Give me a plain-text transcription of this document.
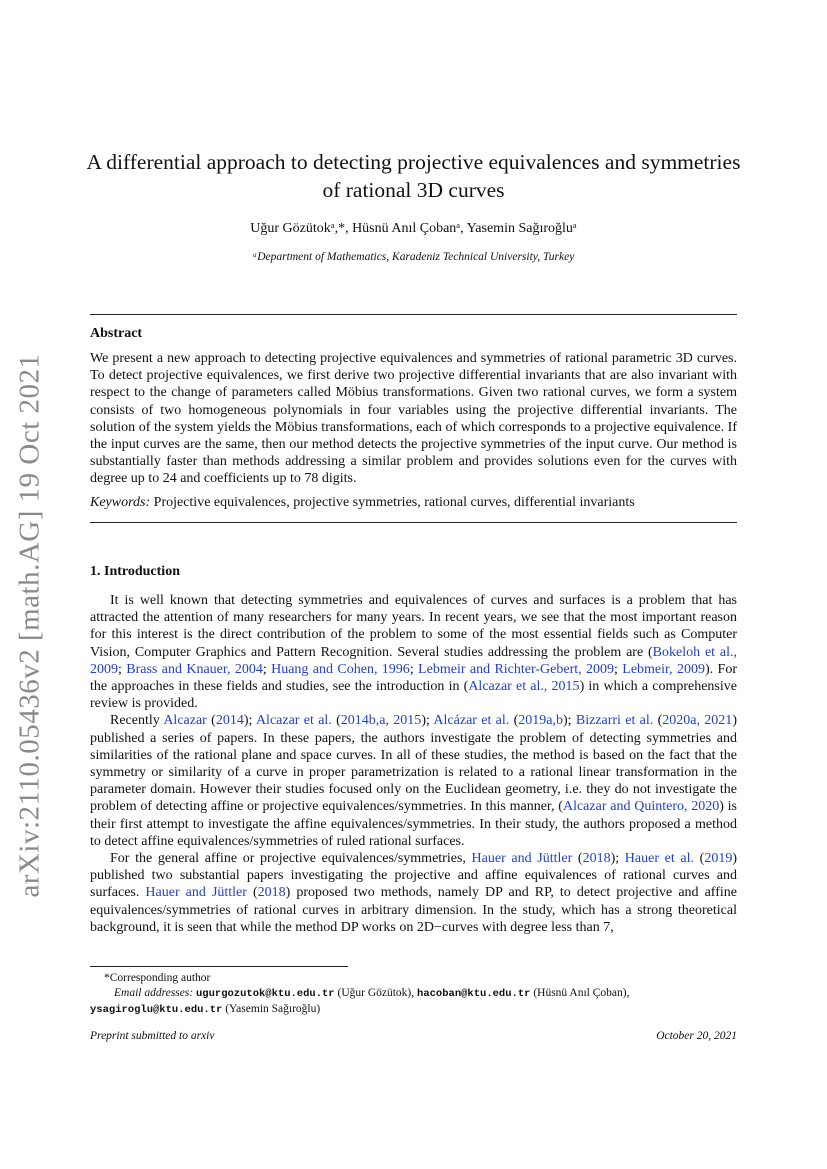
arXiv:2110.05436v2 [math.AG] 19 Oct 2021
A differential approach to detecting projective equivalences and symmetries
of rational 3D curves
Uğur Gözütokᵃ,*, Hüsnü Anıl Çobanᵃ, Yasemin Sağıroğluᵃ
ᵃDepartment of Mathematics, Karadeniz Technical University, Turkey
Abstract
We present a new approach to detecting projective equivalences and symmetries of rational parametric 3D curves. To detect projective equivalences, we first derive two projective differential invariants that are also invariant with respect to the change of parameters called Möbius transformations. Given two rational curves, we form a system consists of two homogeneous polynomials in four variables using the projective differential invariants. The solution of the system yields the Möbius transformations, each of which corresponds to a projective equivalence. If the input curves are the same, then our method detects the projective symmetries of the input curve. Our method is substantially faster than methods addressing a similar problem and provides solutions even for the curves with degree up to 24 and coefficients up to 78 digits.
Keywords: Projective equivalences, projective symmetries, rational curves, differential invariants
1. Introduction

It is well known that detecting symmetries and equivalences of curves and surfaces is a problem that has attracted the attention of many researchers for many years. In recent years, we see that the most important reason for this interest is the direct contribution of the problem to some of the most essential fields such as Computer Vision, Computer Graphics and Pattern Recognition. Several studies addressing the problem are (Bokeloh et al., 2009; Brass and Knauer, 2004; Huang and Cohen, 1996; Lebmeir and Richter-Gebert, 2009; Lebmeir, 2009). For the approaches in these fields and studies, see the introduction in (Alcazar et al., 2015) in which a comprehensive review is provided.

Recently Alcazar (2014); Alcazar et al. (2014b,a, 2015); Alcázar et al. (2019a,b); Bizzarri et al. (2020a, 2021) published a series of papers. In these papers, the authors investigate the problem of detecting symmetries and similarities of the rational plane and space curves. In all of these studies, the method is based on the fact that the symmetry or similarity of a curve in proper parametrization is related to a rational linear transformation in the parameter domain. However their studies focused only on the Euclidean geometry, i.e. they do not investigate the problem of detecting affine or projective equivalences/symmetries. In this manner, (Alcazar and Quintero, 2020) is their first attempt to investigate the affine equivalences/symmetries. In their study, the authors proposed a method to detect affine equivalences/symmetries of ruled rational surfaces.

For the general affine or projective equivalences/symmetries, Hauer and Jüttler (2018); Hauer et al. (2019) published two substantial papers investigating the projective and affine equivalences of rational curves and surfaces. Hauer and Jüttler (2018) proposed two methods, namely DP and RP, to detect projective and affine equivalences/symmetries of rational curves in arbitrary dimension. In the study, which has a strong theoretical background, it is seen that while the method DP works on 2D−curves with degree less than 7,

*Corresponding author
Email addresses: ugurgozutok@ktu.edu.tr (Uğur Gözütok), hacoban@ktu.edu.tr (Hüsnü Anıl Çoban),
ysagiroglu@ktu.edu.tr (Yasemin Sağıroğlu)
Preprint submitted to arxiv	October 20, 2021
